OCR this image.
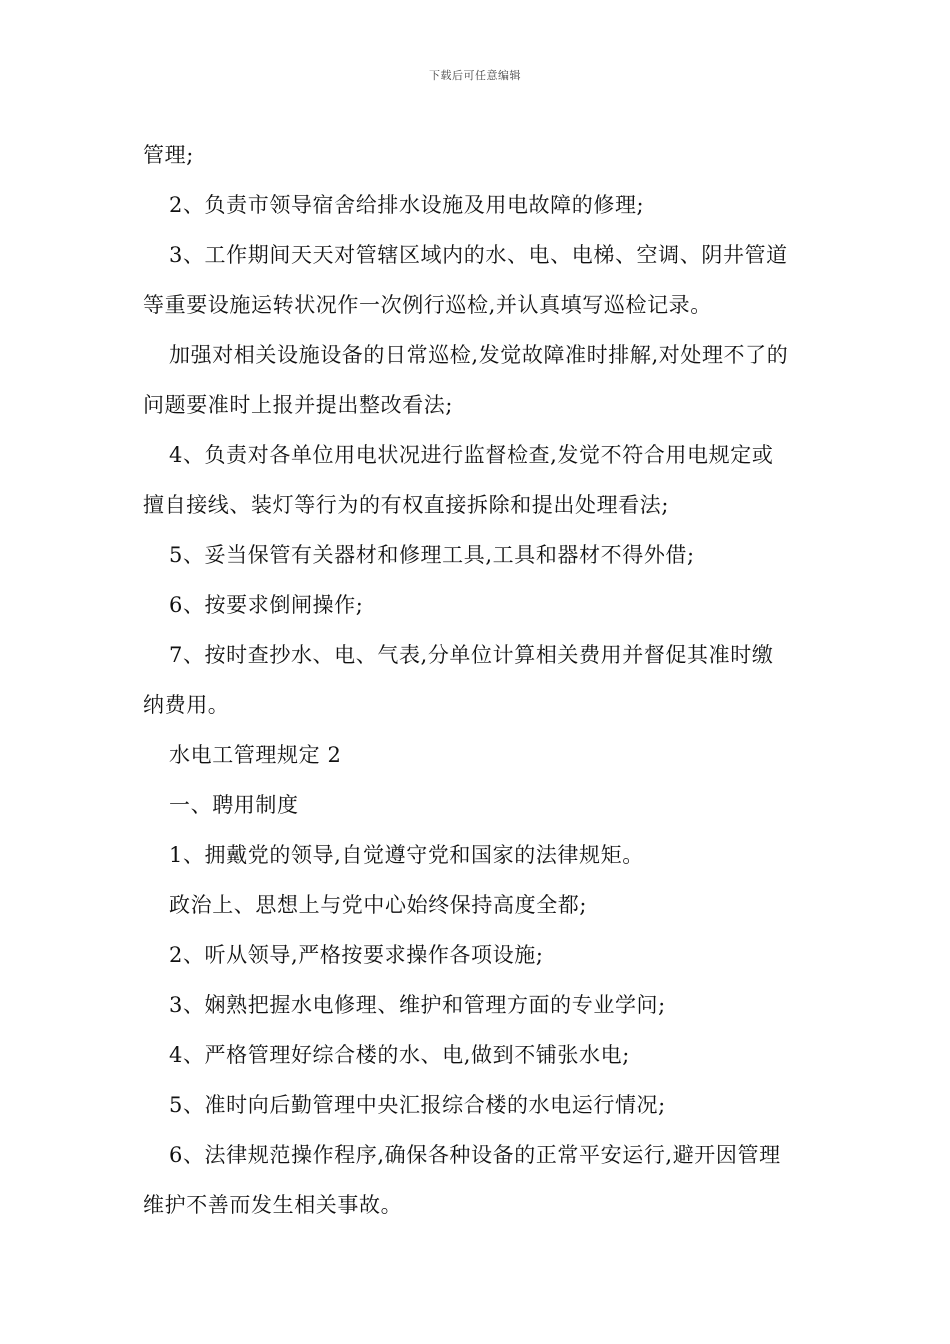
下载后可任意编辑
管理;
2、负责市领导宿舍给排水设施及用电故障的修理;
3、工作期间天天对管辖区域内的水、电、电梯、空调、阴井管道
等重要设施运转状况作一次例行巡检,并认真填写巡检记录。
加强对相关设施设备的日常巡检,发觉故障准时排解,对处理不了的
问题要准时上报并提出整改看法;
4、负责对各单位用电状况进行监督检查,发觉不符合用电规定或
擅自接线、装灯等行为的有权直接拆除和提出处理看法;
5、妥当保管有关器材和修理工具,工具和器材不得外借;
6、按要求倒闸操作;
7、按时查抄水、电、气表,分单位计算相关费用并督促其准时缴
纳费用。
水电工管理规定 2
一、聘用制度
1、拥戴党的领导,自觉遵守党和国家的法律规矩。
政治上、思想上与党中心始终保持高度全都;
2、听从领导,严格按要求操作各项设施;
3、娴熟把握水电修理、维护和管理方面的专业学问;
4、严格管理好综合楼的水、电,做到不铺张水电;
5、准时向后勤管理中央汇报综合楼的水电运行情况;
6、法律规范操作程序,确保各种设备的正常平安运行,避开因管理
维护不善而发生相关事故。
